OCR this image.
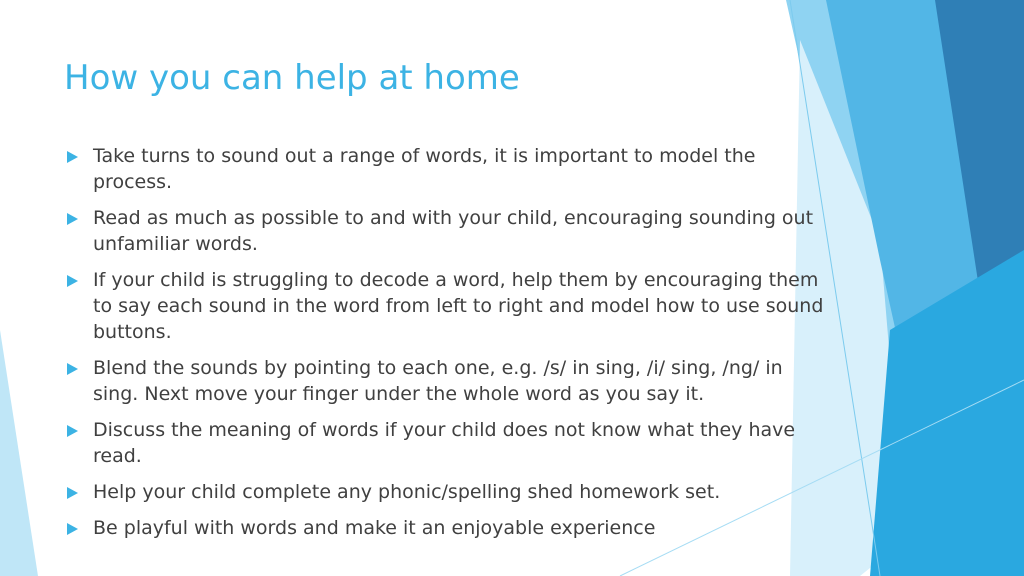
How you can help at home
Take turns to sound out a range of words, it is important to model the process.
Read as much as possible to and with your child, encouraging sounding out unfamiliar words.
If your child is struggling to decode a word, help them by encouraging them to say each sound in the word from left to right and model how to use sound buttons.
Blend the sounds by pointing to each one, e.g. /s/ in sing, /i/ sing, /ng/ in sing. Next move your finger under the whole word as you say it.
Discuss the meaning of words if your child does not know what they have read.
Help your child complete any phonic/spelling shed homework set.
Be playful with words and make it an enjoyable experience
